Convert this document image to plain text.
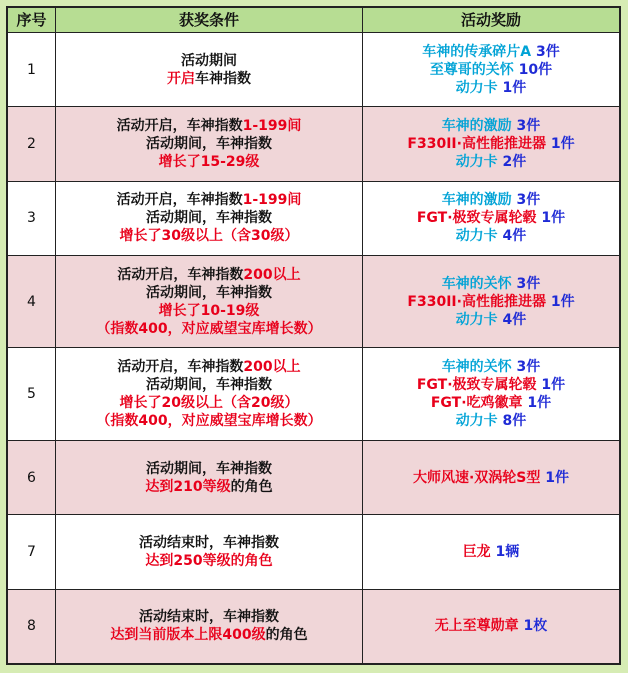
序号	获奖条件	活动奖励
1	活动期间
开启车神指数	车神的传承碎片A 3件
至尊哥的关怀 10件
动力卡 1件

2	活动开启，车神指数1-199间
活动期间，车神指数
增长了15-29级	车神的激励 3件
F330II·高性能推进器 1件
动力卡 2件

3	活动开启，车神指数1-199间
活动期间，车神指数
增长了30级以上（含30级）	车神的激励 3件
FGT·极致专属轮毂 1件
动力卡 4件

4	活动开启，车神指数200以上
活动期间，车神指数
增长了10-19级
（指数400，对应威望宝库增长数）	车神的关怀 3件
F330II·高性能推进器 1件
动力卡 4件

5	活动开启，车神指数200以上
活动期间，车神指数
增长了20级以上（含20级）
（指数400，对应威望宝库增长数）	车神的关怀 3件
FGT·极致专属轮毂 1件
FGT·吃鸡徽章 1件
动力卡 8件

6	活动期间，车神指数
达到210等级的角色	大师风速·双涡轮S型 1件

7	活动结束时，车神指数
达到250等级的角色	巨龙 1辆

8	活动结束时，车神指数
达到当前版本上限400级的角色	无上至尊勋章 1枚
